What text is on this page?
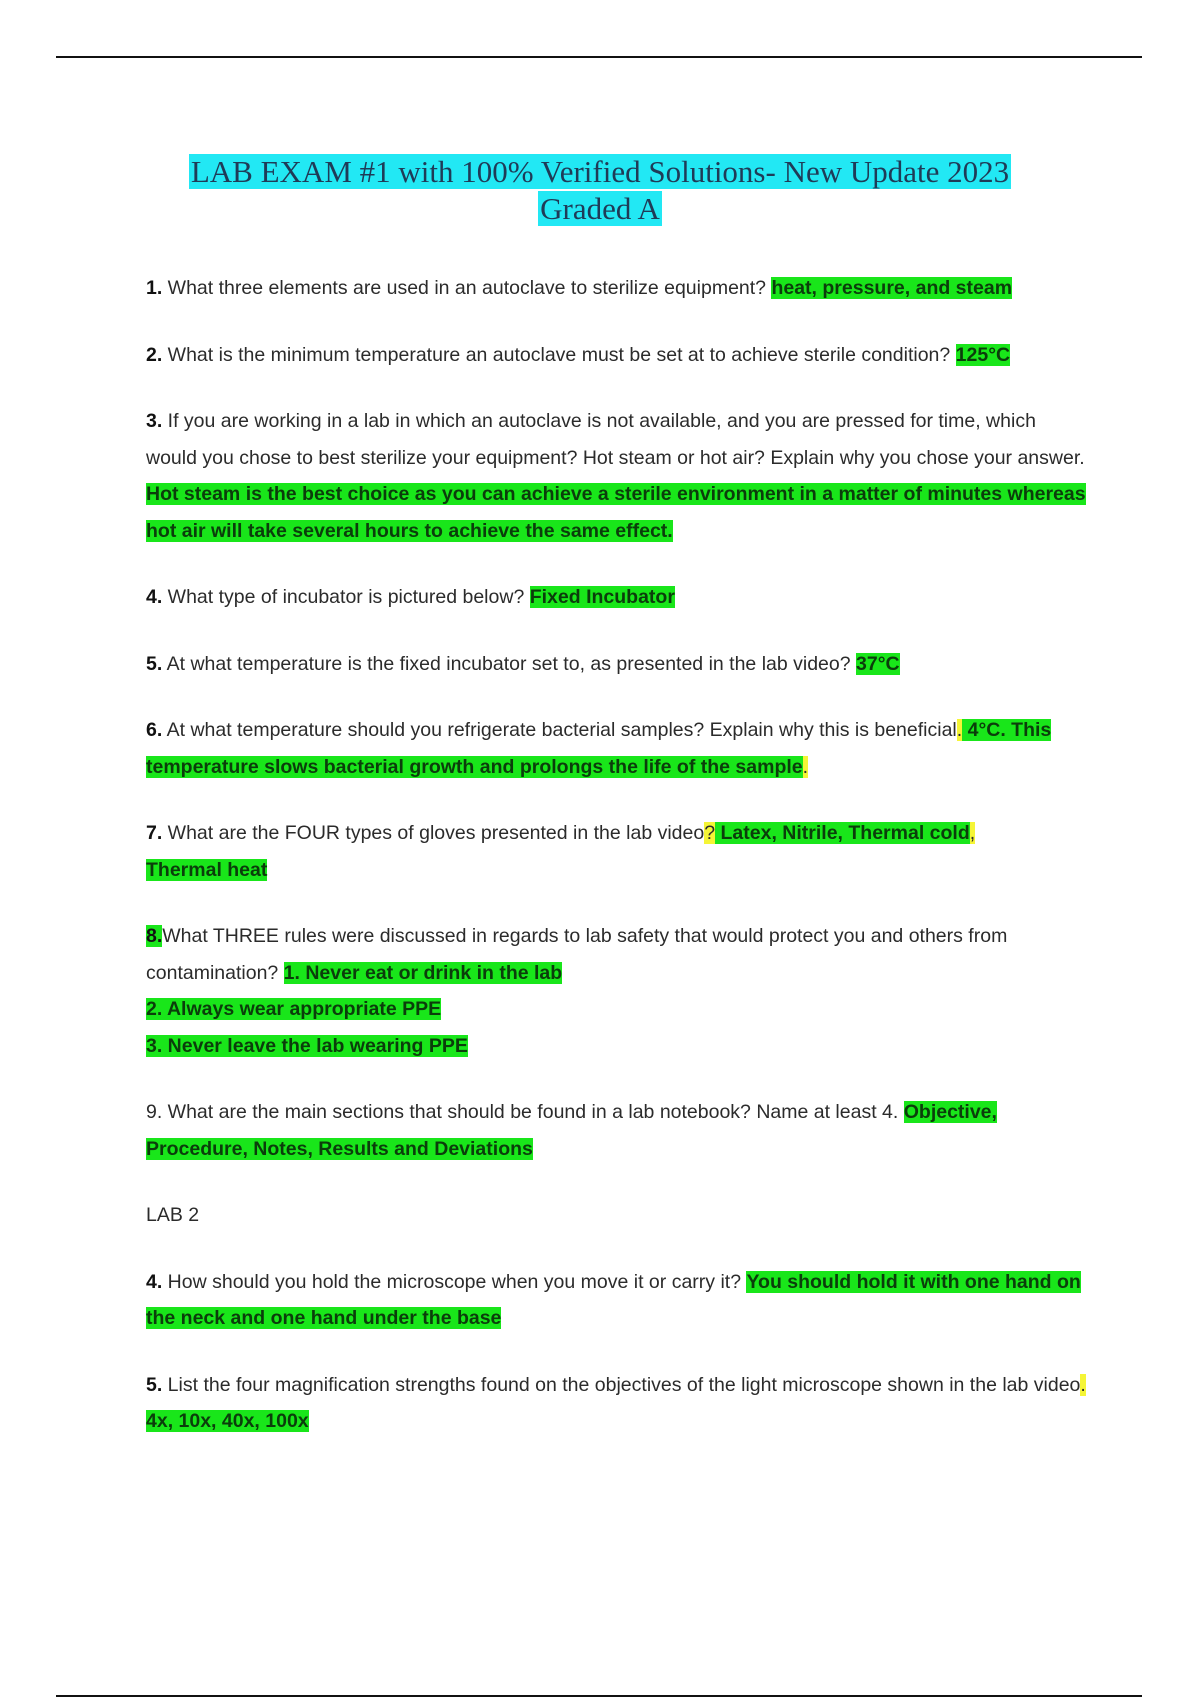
LAB EXAM #1 with 100% Verified Solutions- New Update 2023
Graded A

1. What three elements are used in an autoclave to sterilize equipment? heat, pressure, and steam

2. What is the minimum temperature an autoclave must be set at to achieve sterile condition? 125°C

3. If you are working in a lab in which an autoclave is not available, and you are pressed for time, which would you chose to best sterilize your equipment? Hot steam or hot air? Explain why you chose your answer. Hot steam is the best choice as you can achieve a sterile environment in a matter of minutes whereas hot air will take several hours to achieve the same effect.

4. What type of incubator is pictured below? Fixed Incubator

5. At what temperature is the fixed incubator set to, as presented in the lab video? 37°C

6. At what temperature should you refrigerate bacterial samples? Explain why this is beneficial. 4°C. This temperature slows bacterial growth and prolongs the life of the sample.

7. What are the FOUR types of gloves presented in the lab video? Latex, Nitrile, Thermal cold,
Thermal heat

8.What THREE rules were discussed in regards to lab safety that would protect you and others from contamination? 1. Never eat or drink in the lab
2. Always wear appropriate PPE
3. Never leave the lab wearing PPE

9. What are the main sections that should be found in a lab notebook? Name at least 4. Objective, Procedure, Notes, Results and Deviations

LAB 2

4. How should you hold the microscope when you move it or carry it? You should hold it with one hand on the neck and one hand under the base

5. List the four magnification strengths found on the objectives of the light microscope shown in the lab video. 4x, 10x, 40x, 100x
